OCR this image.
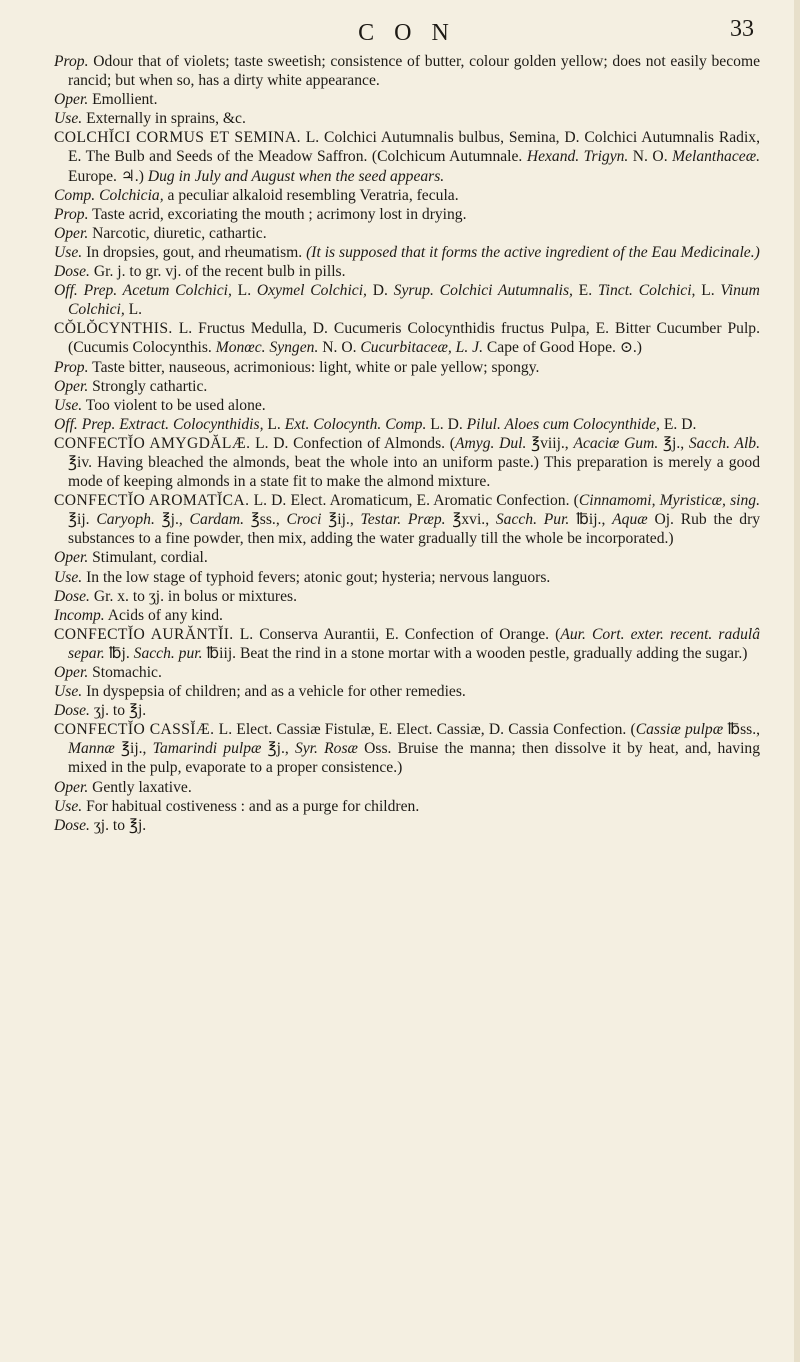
C O N	33

Prop. Odour that of violets; taste sweetish; consistence of butter, colour golden yellow; does not easily become rancid; but when so, has a dirty white appearance.

Oper. Emollient.

Use. Externally in sprains, &c.

COLCHĬCI CORMUS ET SEMINA. L. Colchici Autumnalis bulbus, Semina, D. Colchici Autumnalis Radix, E. The Bulb and Seeds of the Meadow Saffron. (Colchicum Autumnale. Hexand. Trigyn. N. O. Melanthaceæ. Europe. ♃.) Dug in July and August when the seed appears.

Comp. Colchicia, a peculiar alkaloid resembling Veratria, fecula.

Prop. Taste acrid, excoriating the mouth ; acrimony lost in drying.

Oper. Narcotic, diuretic, cathartic.

Use. In dropsies, gout, and rheumatism. (It is supposed that it forms the active ingredient of the Eau Medicinale.)

Dose. Gr. j. to gr. vj. of the recent bulb in pills.

Off. Prep. Acetum Colchici, L. Oxymel Colchici, D. Syrup. Colchici Autumnalis, E. Tinct. Colchici, L. Vinum Colchici, L.

CŎLŎCYNTHIS. L. Fructus Medulla, D. Cucumeris Colocynthidis fructus Pulpa, E. Bitter Cucumber Pulp. (Cucumis Colocynthis. Monœc. Syngen. N. O. Cucurbitaceæ, L. J. Cape of Good Hope. ⊙.)

Prop. Taste bitter, nauseous, acrimonious: light, white or pale yellow; spongy.

Oper. Strongly cathartic.

Use. Too violent to be used alone.

Off. Prep. Extract. Colocynthidis, L. Ext. Colocynth. Comp. L. D. Pilul. Aloes cum Colocynthide, E. D.

CONFECTĬO AMYGDĂLÆ. L. D. Confection of Almonds. (Amyg. Dul. ℥viij., Acaciæ Gum. ℥j., Sacch. Alb. ℥iv. Having bleached the almonds, beat the whole into an uniform paste.) This preparation is merely a good mode of keeping almonds in a state fit to make the almond mixture.

CONFECTĬO AROMATĬCA. L. D. Elect. Aromaticum, E. Aromatic Confection. (Cinnamomi, Myristicæ, sing. ℥ij. Caryoph. ℥j., Cardam. ℥ss., Croci ℥ij., Testar. Præp. ℥xvi., Sacch. Pur. ℔ij., Aquæ Oj. Rub the dry substances to a fine powder, then mix, adding the water gradually till the whole be incorporated.)

Oper. Stimulant, cordial.

Use. In the low stage of typhoid fevers; atonic gout; hysteria; nervous languors.

Dose. Gr. x. to ʒj. in bolus or mixtures.

Incomp. Acids of any kind.

CONFECTĬO AURĂNTĬI. L. Conserva Aurantii, E. Confection of Orange. (Aur. Cort. exter. recent. radulâ separ. ℔j. Sacch. pur. ℔iij. Beat the rind in a stone mortar with a wooden pestle, gradually adding the sugar.)

Oper. Stomachic.

Use. In dyspepsia of children; and as a vehicle for other remedies.

Dose. ʒj. to ℥j.

CONFECTĬO CASSĬÆ. L. Elect. Cassiæ Fistulæ, E. Elect. Cassiæ, D. Cassia Confection. (Cassiæ pulpæ ℔ss., Mannæ ℥ij., Tamarindi pulpæ ℥j., Syr. Rosæ Oss. Bruise the manna; then dissolve it by heat, and, having mixed in the pulp, evaporate to a proper consistence.)

Oper. Gently laxative.

Use. For habitual costiveness : and as a purge for children.

Dose. ʒj. to ℥j.
